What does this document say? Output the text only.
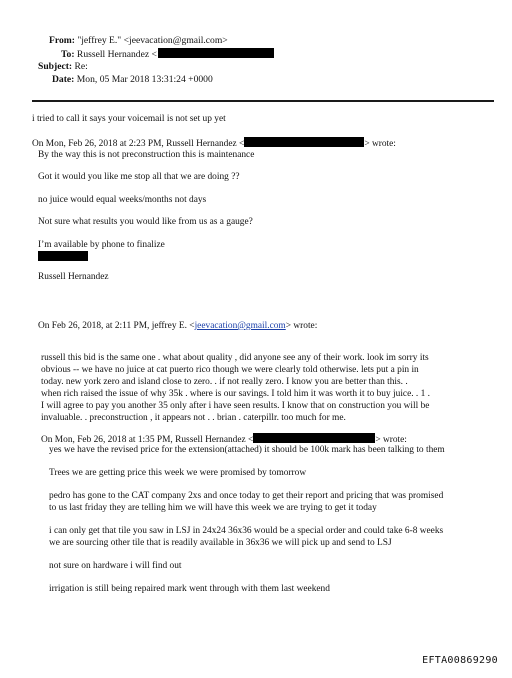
From: "jeffrey E." <jeevacation@gmail.com>
To: Russell Hernandez <
Subject: Re:
Date: Mon, 05 Mar 2018 13:31:24 +0000
i tried to call it says your voicemail is not set up yet
On Mon, Feb 26, 2018 at 2:23 PM, Russell Hernandez <	> wrote:
By the way this is not preconstruction this is maintenance
Got it would you like me stop all that we are doing ??
no juice would equal weeks/months not days
Not sure what results you would like from us as a gauge?
I’m available by phone to finalize
Russell Hernandez
On Feb 26, 2018, at 2:11 PM, jeffrey E. <jeevacation@gmail.com> wrote:
russell this bid is the same one . what about quality , did anyone see any of their work. look im sorry its
obvious -- we have no juice at cat puerto rico though we were clearly told otherwise. lets put a pin in
today. new york zero and island close to zero. . if not really zero. I know you are better than this. .
when rich raised the issue of why 35k . where is our savings. I told him it was worth it to buy juice. . 1 .
I will agree to pay you another 35 only after i have seen results. I know that on construction you will be
invaluable. . preconstruction , it appears not . . brian . caterpillr. too much for me.
On Mon, Feb 26, 2018 at 1:35 PM, Russell Hernandez <	> wrote:
yes we have the revised price for the extension(attached) it should be 100k mark has been talking to them
Trees we are getting price this week we were promised by tomorrow
pedro has gone to the CAT company 2xs and once today to get their report and pricing that was promised
to us last friday they are telling him we will have this week we are trying to get it today
i can only get that tile you saw in LSJ in 24x24 36x36 would be a special order and could take 6-8 weeks
we are sourcing other tile that is readily available in 36x36 we will pick up and send to LSJ
not sure on hardware i will find out
irrigation is still being repaired mark went through with them last weekend
EFTA00869290
